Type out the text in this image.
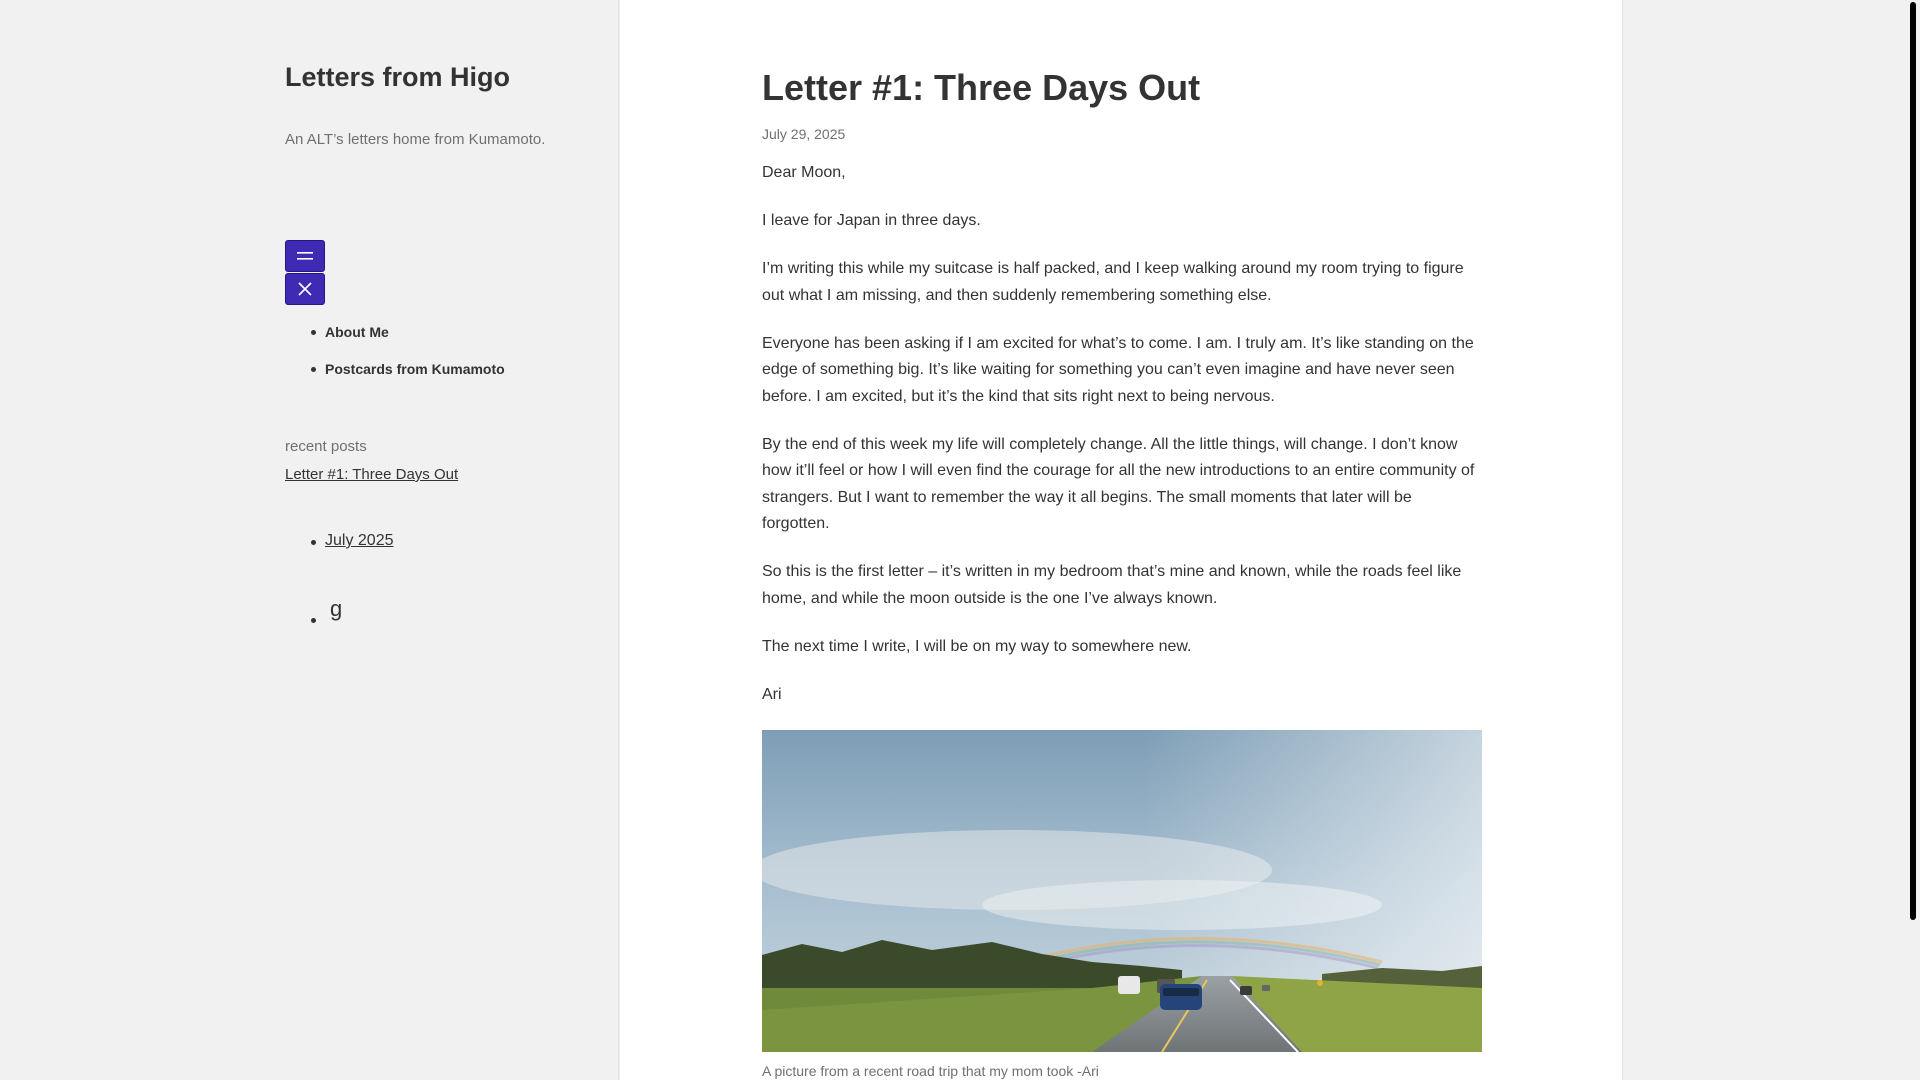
Letters from Higo
An ALT’s letters home from Kumamoto.
About Me
Postcards from Kumamoto
recent posts
Letter #1: Three Days Out
July 2025
g
Letter #1: Three Days Out
July 29, 2025

Dear Moon,

I leave for Japan in three days.

I’m writing this while my suitcase is half packed, and I keep walking around my room trying to figure out what I am missing, and then suddenly remembering something else.

Everyone has been asking if I am excited for what’s to come. I am. I truly am. It’s like standing on the edge of something big. It’s like waiting for something you can’t even imagine and have never seen before. I am excited, but it’s the kind that sits right next to being nervous.

By the end of this week my life will completely change. All the little things, will change. I don’t know how it’ll feel or how I will even find the courage for all the new introductions to an entire community of strangers. But I want to remember the way it all begins. The small moments that later will be forgotten.

So this is the first letter – it’s written in my bedroom that’s mine and known, while the roads feel like home, and while the moon outside is the one I’ve always known.

The next time I write, I will be on my way to somewhere new.

Ari

A picture from a recent road trip that my mom took -Ari
